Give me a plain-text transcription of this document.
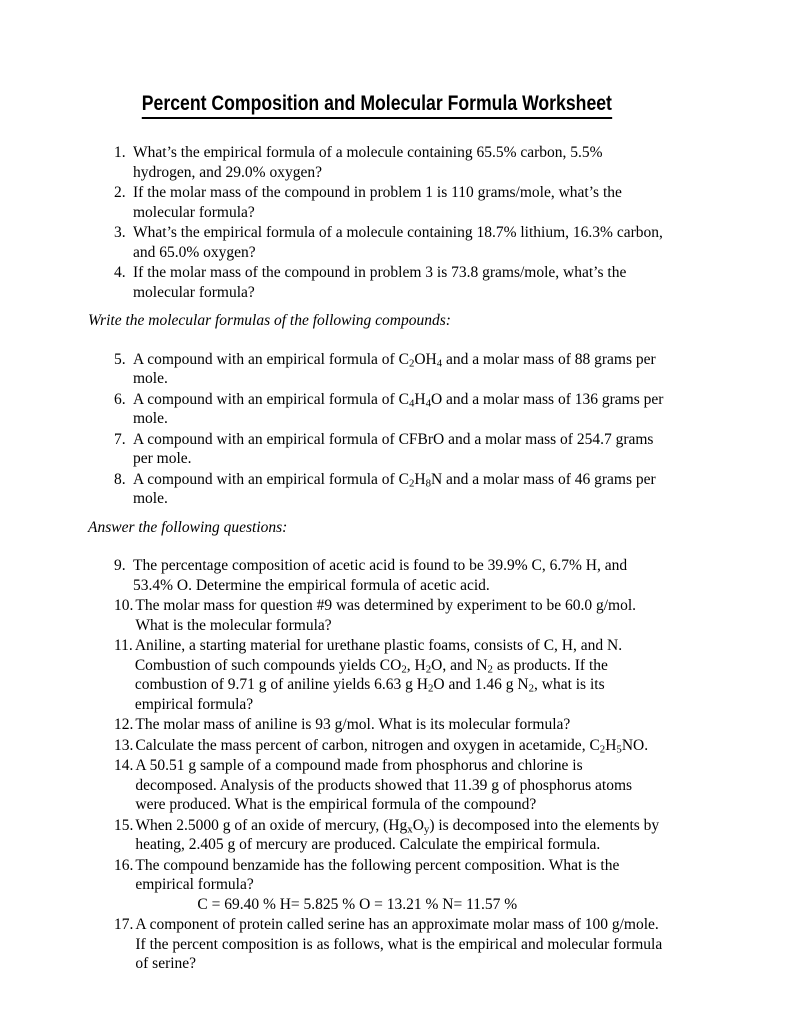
Percent Composition and Molecular Formula Worksheet
1. What’s the empirical formula of a molecule containing 65.5% carbon, 5.5% hydrogen, and 29.0% oxygen?
2. If the molar mass of the compound in problem 1 is 110 grams/mole, what’s the molecular formula?
3. What’s the empirical formula of a molecule containing 18.7% lithium, 16.3% carbon, and 65.0% oxygen?
4. If the molar mass of the compound in problem 3 is 73.8 grams/mole, what’s the molecular formula?

Write the molecular formulas of the following compounds:

5. A compound with an empirical formula of $C_2OH_4$ and a molar mass of 88 grams per mole.
6. A compound with an empirical formula of $C_4H_4O$ and a molar mass of 136 grams per mole.
7. A compound with an empirical formula of CFBrO and a molar mass of 254.7 grams per mole.
8. A compound with an empirical formula of $C_2H_8N$ and a molar mass of 46 grams per mole.

Answer the following questions:

9. The percentage composition of acetic acid is found to be 39.9% C, 6.7% H, and 53.4% O. Determine the empirical formula of acetic acid.
10. The molar mass for question #9 was determined by experiment to be 60.0 g/mol. What is the molecular formula?
11. Aniline, a starting material for urethane plastic foams, consists of C, H, and N. Combustion of such compounds yields $CO_2$, $H_2O$, and $N_2$ as products. If the combustion of 9.71 g of aniline yields 6.63 g $H_2O$ and 1.46 g $N_2$, what is its empirical formula?
12. The molar mass of aniline is 93 g/mol. What is its molecular formula?
13. Calculate the mass percent of carbon, nitrogen and oxygen in acetamide, $C_2H_5NO$.
14. A 50.51 g sample of a compound made from phosphorus and chlorine is decomposed. Analysis of the products showed that 11.39 g of phosphorus atoms were produced. What is the empirical formula of the compound?
15. When 2.5000 g of an oxide of mercury, $(Hg_xO_y)$ is decomposed into the elements by heating, 2.405 g of mercury are produced. Calculate the empirical formula.
16. The compound benzamide has the following percent composition. What is the empirical formula?
C = 69.40 % H= 5.825 % O = 13.21 % N= 11.57 %
17. A component of protein called serine has an approximate molar mass of 100 g/mole. If the percent composition is as follows, what is the empirical and molecular formula of serine?
